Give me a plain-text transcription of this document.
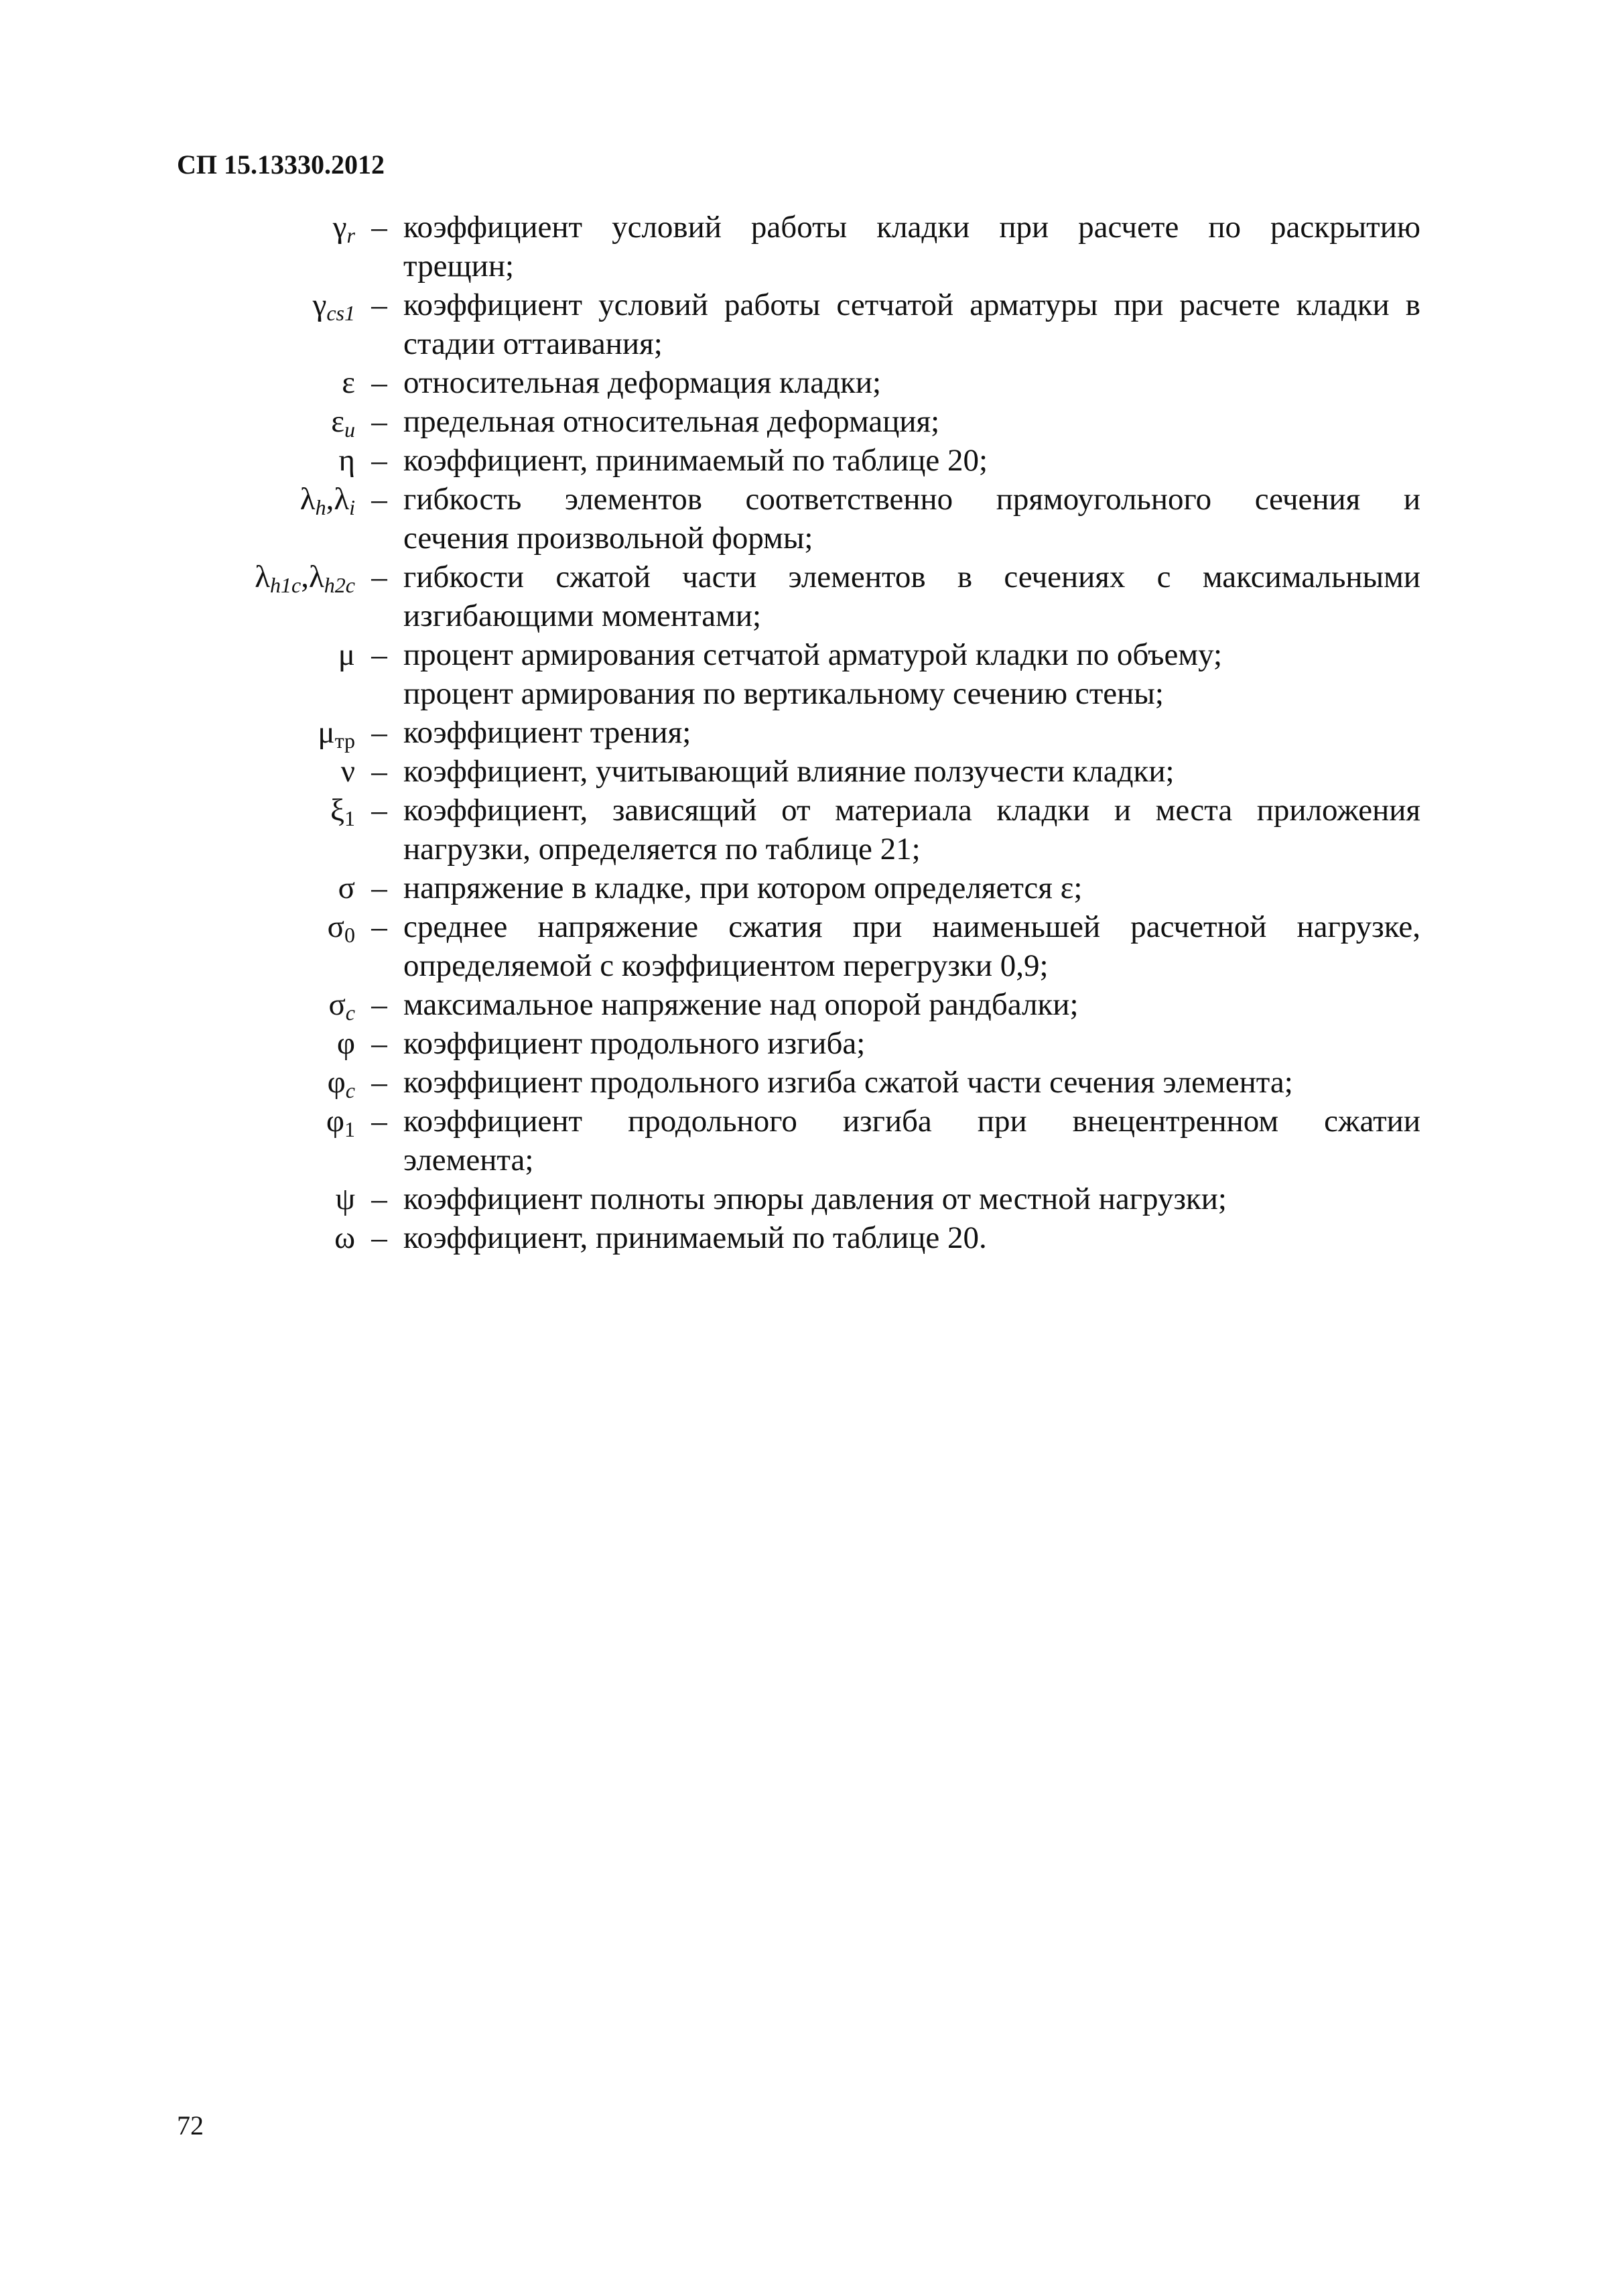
СП 15.13330.2012
$\gamma_r$ – коэффициент условий работы кладки при расчете по раскрытию
трещин;
$\gamma_{cs1}$ – коэффициент условий работы сетчатой арматуры при расчете кладки в
стадии оттаивания;
ε – относительная деформация кладки;
$\varepsilon_u$ – предельная относительная деформация;
η – коэффициент, принимаемый по таблице 20;
$\lambda_h,\lambda_i$ – гибкость элементов соответственно прямоугольного сечения и
сечения произвольной формы;
$\lambda_{h1c},\lambda_{h2c}$ – гибкости сжатой части элементов в сечениях с максимальными
изгибающими моментами;
μ – процент армирования сетчатой арматурой кладки по объему;
процент армирования по вертикальному сечению стены;
$\mu_{тр}$ – коэффициент трения;
ν – коэффициент, учитывающий влияние ползучести кладки;
$\xi_1$ – коэффициент, зависящий от материала кладки и места приложения
нагрузки, определяется по таблице 21;
σ – напряжение в кладке, при котором определяется ε;
$\sigma_0$ – среднее напряжение сжатия при наименьшей расчетной нагрузке,
определяемой с коэффициентом перегрузки 0,9;
$\sigma_c$ – максимальное напряжение над опорой рандбалки;
φ – коэффициент продольного изгиба;
$\varphi_c$ – коэффициент продольного изгиба сжатой части сечения элемента;
$\varphi_1$ – коэффициент продольного изгиба при внецентренном сжатии
элемента;
ψ – коэффициент полноты эпюры давления от местной нагрузки;
ω – коэффициент, принимаемый по таблице 20.
72
